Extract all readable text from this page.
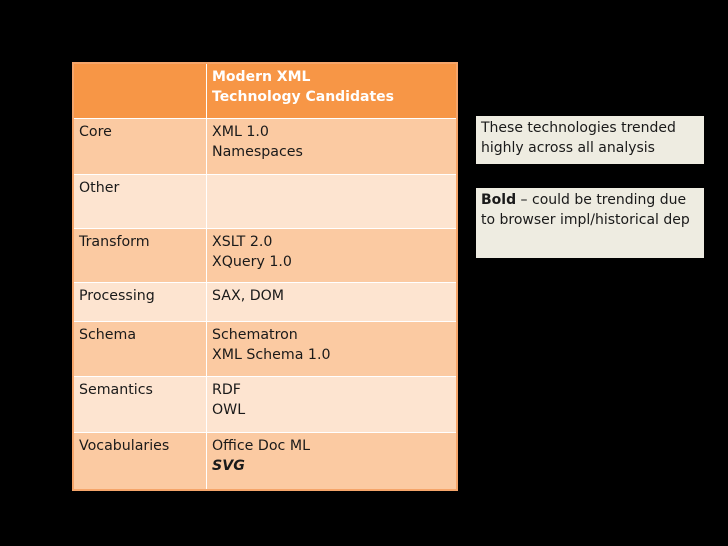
Modern XML
Technology Candidates
Core	XML 1.0
Namespaces
Other
Transform	XSLT 2.0
XQuery 1.0
Processing	SAX, DOM
Schema	Schematron
XML Schema 1.0
Semantics	RDF
OWL
Vocabularies	Office Doc ML
SVG
These technologies trended highly across all analysis
Bold – could be trending due to browser impl/historical dep
